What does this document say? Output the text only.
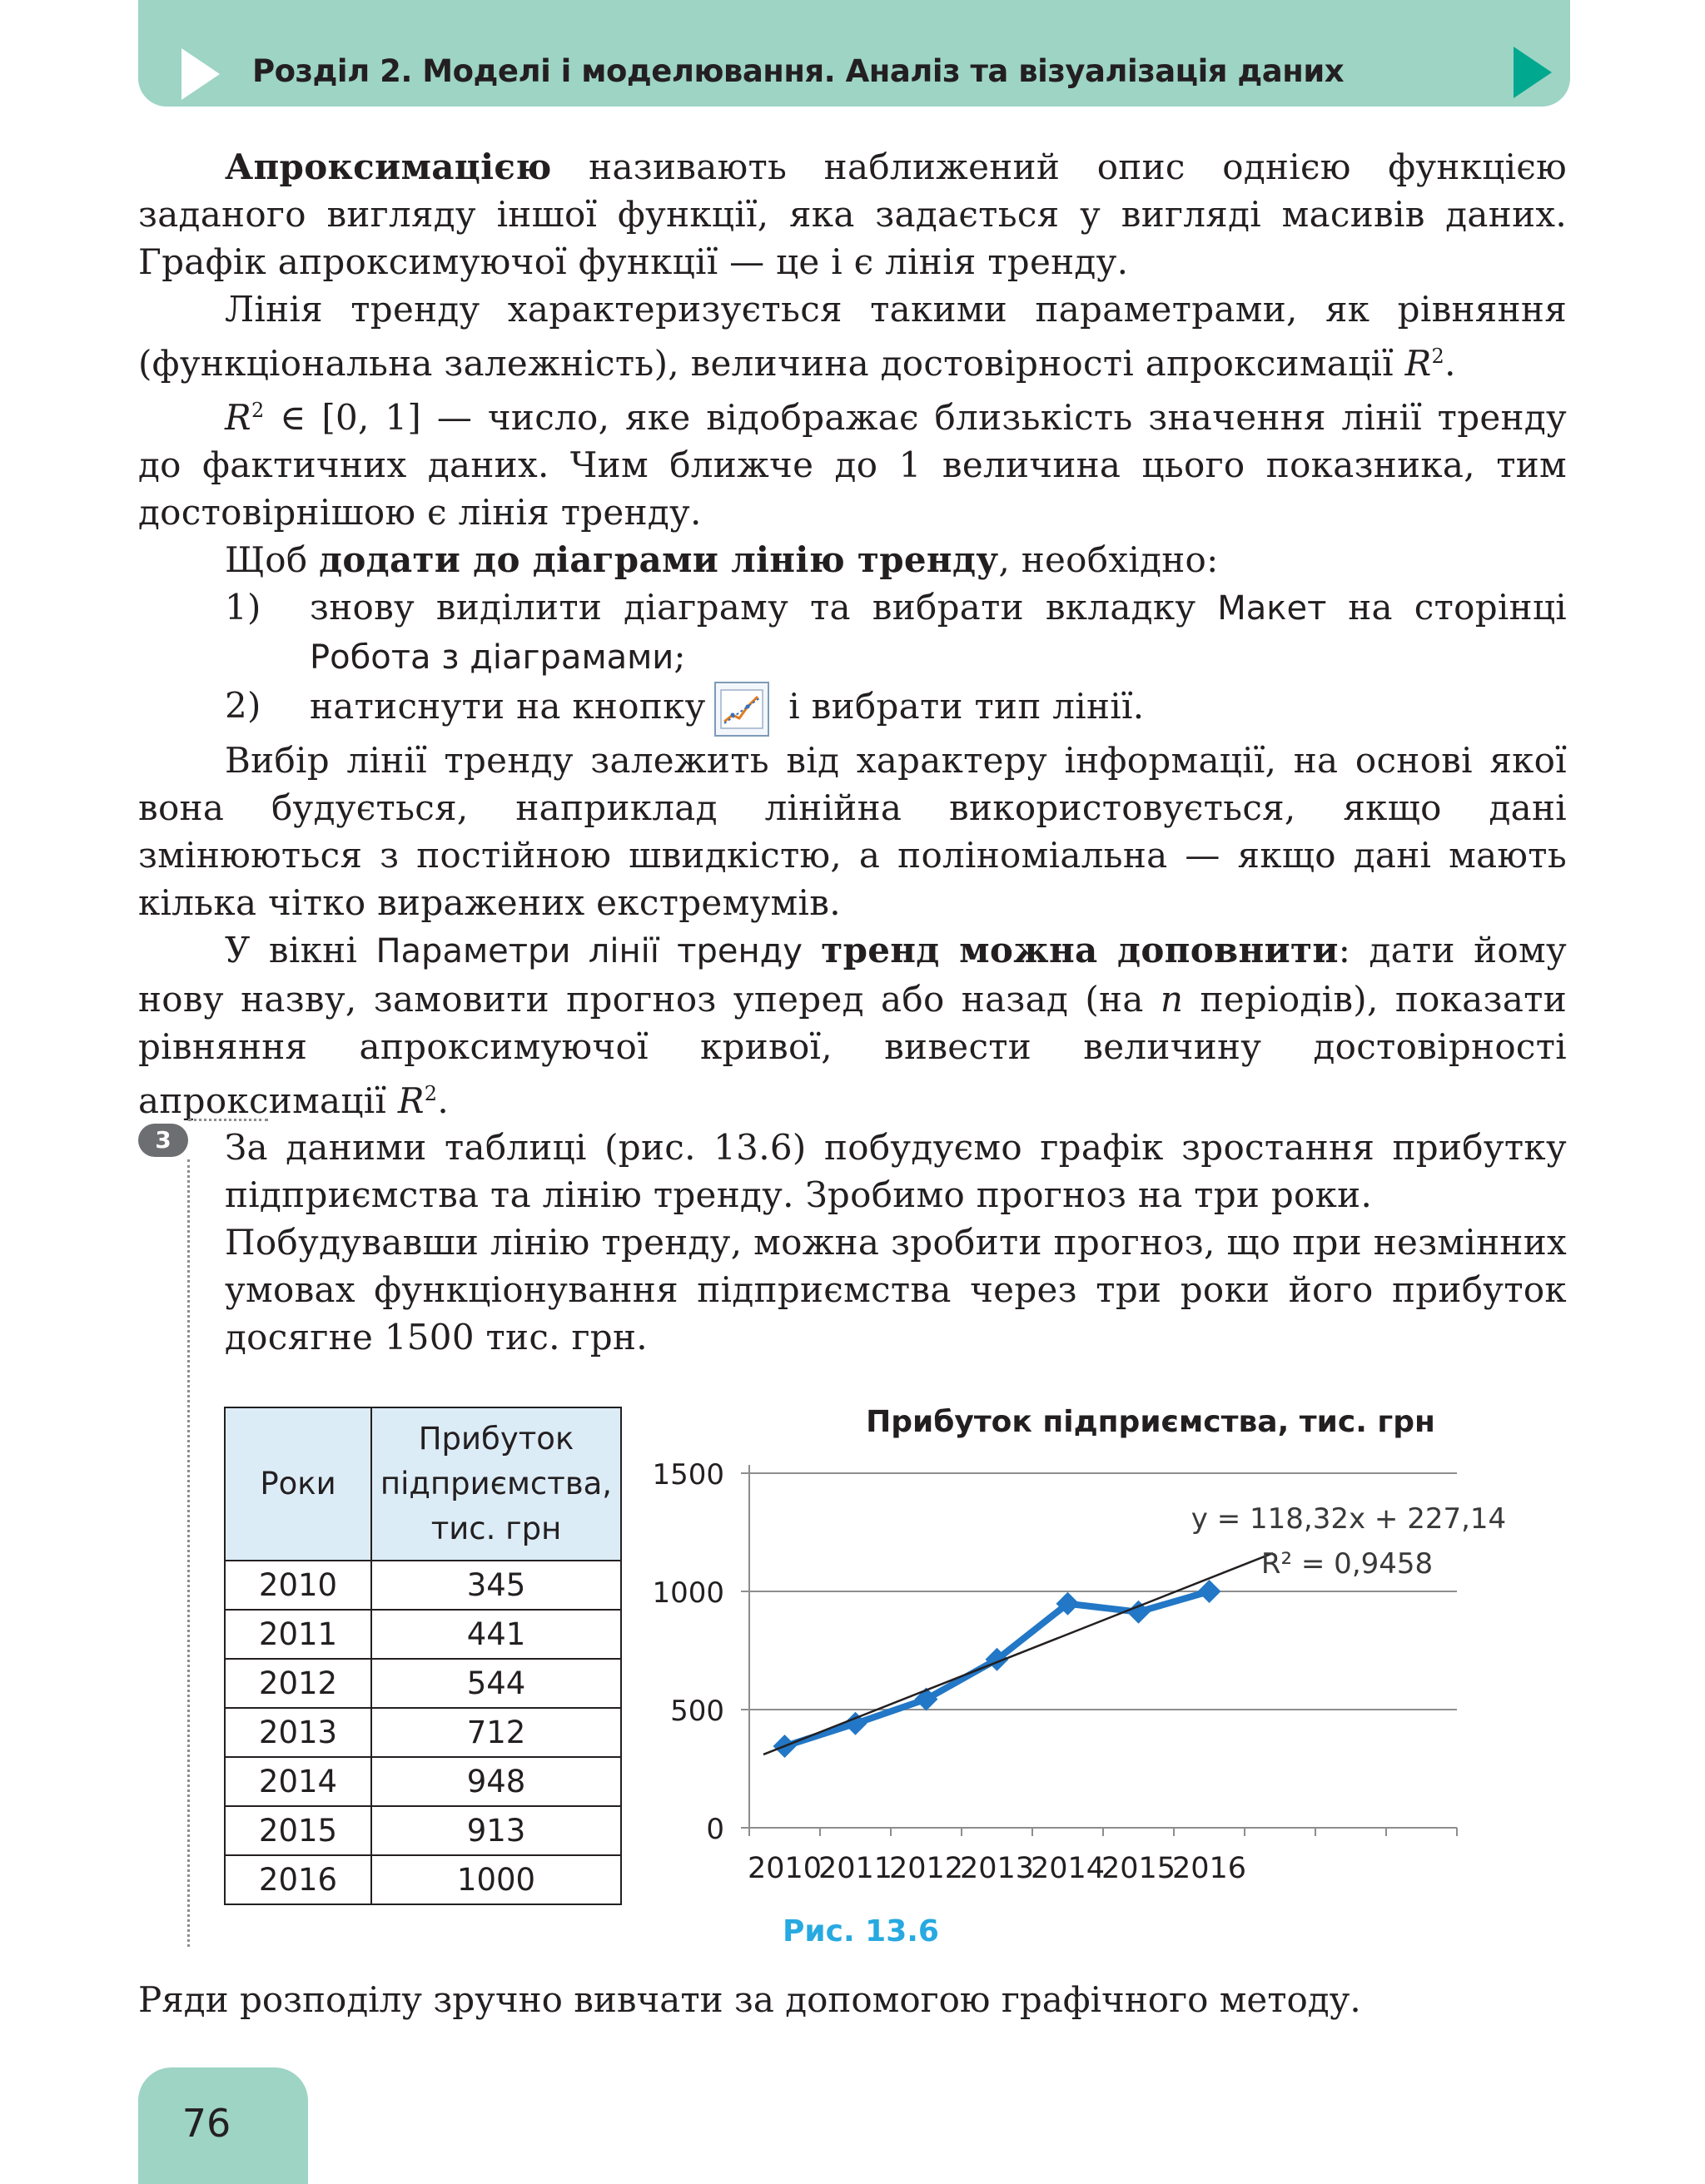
Розділ 2. Моделі і моделювання. Аналіз та візуалізація даних

Апроксимацією називають наближений опис однією функцією заданого вигляду іншої функції, яка задається у вигляді масивів даних. Графік апроксимуючої функції — це і є лінія тренду.

Лінія тренду характеризується такими параметрами, як рівняння (функціональна залежність), величина достовірності апроксимації $R^2$.

$R^2$ ∈ [0, 1] — число, яке відображає близькість значення лінії тренду до фактичних даних. Чим ближче до 1 величина цього показника, тим достовірнішою є лінія тренду.

Щоб додати до діаграми лінію тренду, необхідно:

1) знову виділити діаграму та вибрати вкладку Макет на сторінці Робота з діаграмами;

2) натиснути на кнопку
і вибрати тип лінії.

Вибір лінії тренду залежить від характеру інформації, на основі якої вона будується, наприклад лінійна використовується, якщо дані змінюються з постійною швидкістю, а поліноміальна — якщо дані мають кілька чітко виражених екстремумів.

У вікні Параметри лінії тренду тренд можна доповнити: дати йому нову назву, замовити прогноз уперед або назад (на n періодів), показати рівняння апроксимуючої кривої, вивести величину достовірності апроксимації $R^2$.

3	За даними таблиці (рис. 13.6) побудуємо графік зростання прибутку підприємства та лінію тренду. Зробимо прогноз на три роки.

Побудувавши лінію тренду, можна зробити прогноз, що при незмінних умовах функціонування підприємства через три роки його прибуток досягне 1500 тис. грн.

Роки	Прибуток підприємства, тис. грн
2010	345
2011	441
2012	544
2013	712
2014	948
2015	913
2016	1000
Прибуток підприємства, тис. грн
0
500
1000
1500
2010
2011
2012
2013
2014
2015
2016
y = 118,32x + 227,14
R² = 0,9458
Рис. 13.6
Ряди розподілу зручно вивчати за допомогою графічного методу.
76
